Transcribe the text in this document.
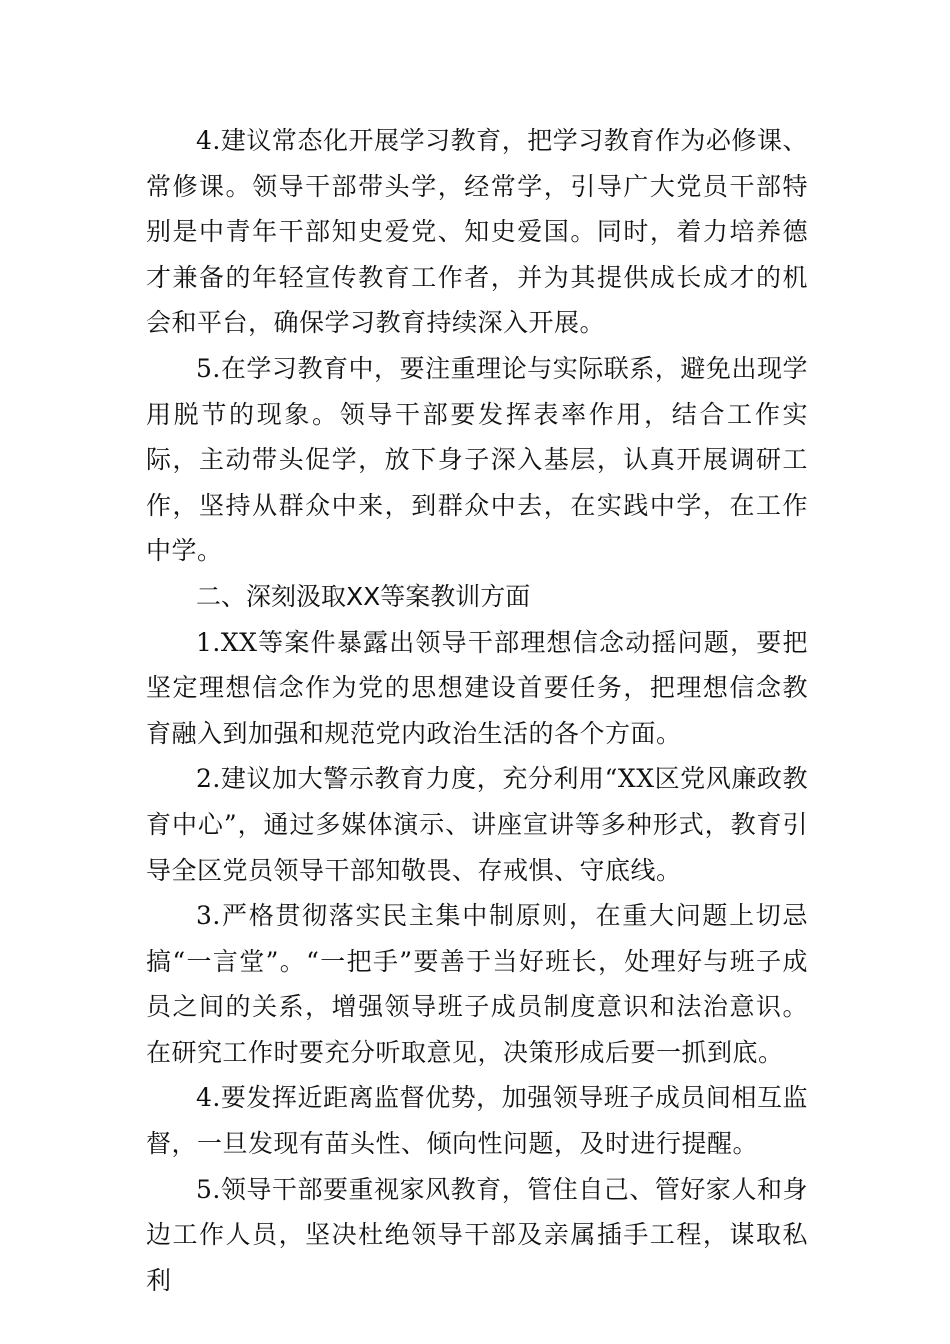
4.建议常态化开展学习教育，把学习教育作为必修课、常修课。领导干部带头学，经常学，引导广大党员干部特别是中青年干部知史爱党、知史爱国。同时，着力培养德才兼备的年轻宣传教育工作者，并为其提供成长成才的机会和平台，确保学习教育持续深入开展。

5.在学习教育中，要注重理论与实际联系，避免出现学用脱节的现象。领导干部要发挥表率作用，结合工作实际，主动带头促学，放下身子深入基层，认真开展调研工作，坚持从群众中来，到群众中去，在实践中学，在工作中学。

二、深刻汲取XX等案教训方面

1.XX等案件暴露出领导干部理想信念动摇问题，要把坚定理想信念作为党的思想建设首要任务，把理想信念教育融入到加强和规范党内政治生活的各个方面。

2.建议加大警示教育力度，充分利用“XX区党风廉政教育中心”，通过多媒体演示、讲座宣讲等多种形式，教育引导全区党员领导干部知敬畏、存戒惧、守底线。

3.严格贯彻落实民主集中制原则，在重大问题上切忌搞“一言堂”。“一把手”要善于当好班长，处理好与班子成员之间的关系，增强领导班子成员制度意识和法治意识。在研究工作时要充分听取意见，决策形成后要一抓到底。

4.要发挥近距离监督优势，加强领导班子成员间相互监督，一旦发现有苗头性、倾向性问题，及时进行提醒。

5.领导干部要重视家风教育，管住自己、管好家人和身边工作人员，坚决杜绝领导干部及亲属插手工程，谋取私利
